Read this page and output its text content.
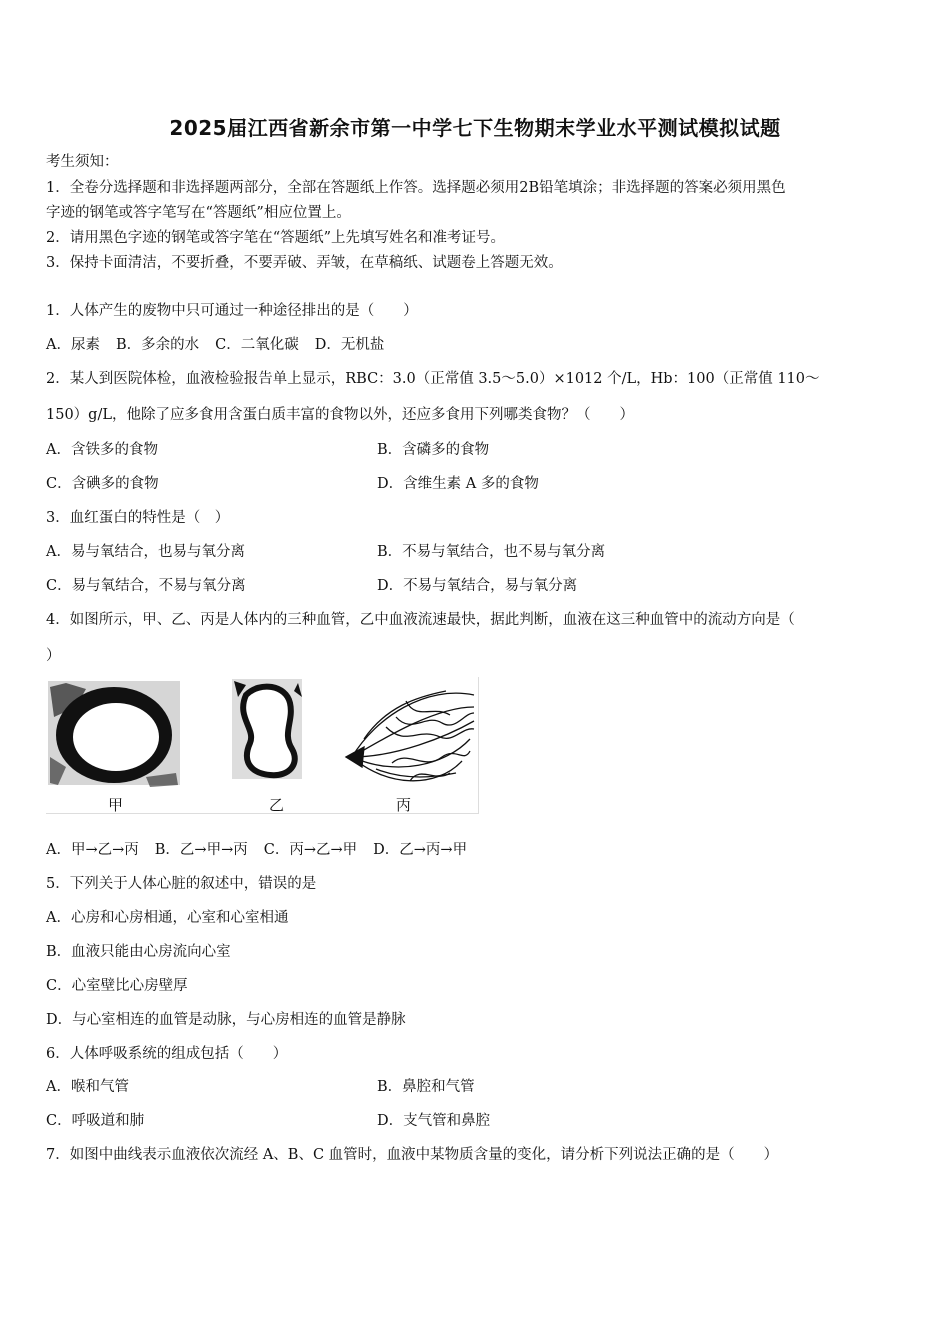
2025届江西省新余市第一中学七下生物期末学业水平测试模拟试题
考生须知：
1．全卷分选择题和非选择题两部分，全部在答题纸上作答。选择题必须用2B铅笔填涂；非选择题的答案必须用黑色
字迹的钢笔或答字笔写在“答题纸”相应位置上。
2．请用黑色字迹的钢笔或答字笔在“答题纸”上先填写姓名和准考证号。
3．保持卡面清洁，不要折叠，不要弄破、弄皱，在草稿纸、试题卷上答题无效。
1．人体产生的废物中只可通过一种途径排出的是（　　）
A．尿素 B．多余的水 C．二氧化碳 D．无机盐
2．某人到医院体检，血液检验报告单上显示，RBC：3.0（正常值 3.5～5.0）×1012 个/L，Hb：100（正常值 110～
150）g/L，他除了应多食用含蛋白质丰富的食物以外，还应多食用下列哪类食物？（　　）
A．含铁多的食物	B．含磷多的食物
C．含碘多的食物	D．含维生素 A 多的食物
3．血红蛋白的特性是（　）
A．易与氧结合，也易与氧分离	B．不易与氧结合，也不易与氧分离
C．易与氧结合，不易与氧分离	D．不易与氧结合，易与氧分离
4．如图所示，甲、乙、丙是人体内的三种血管，乙中血液流速最快，据此判断，血液在这三种血管中的流动方向是（
）
甲	乙	丙
A．甲→乙→丙 B．乙→甲→丙 C．丙→乙→甲 D．乙→丙→甲
5．下列关于人体心脏的叙述中，错误的是
A．心房和心房相通，心室和心室相通
B．血液只能由心房流向心室
C．心室壁比心房壁厚
D．与心室相连的血管是动脉，与心房相连的血管是静脉
6．人体呼吸系统的组成包括（　　）
A．喉和气管	B．鼻腔和气管
C．呼吸道和肺	D．支气管和鼻腔
7．如图中曲线表示血液依次流经 A、B、C 血管时，血液中某物质含量的变化，请分析下列说法正确的是（　　）
